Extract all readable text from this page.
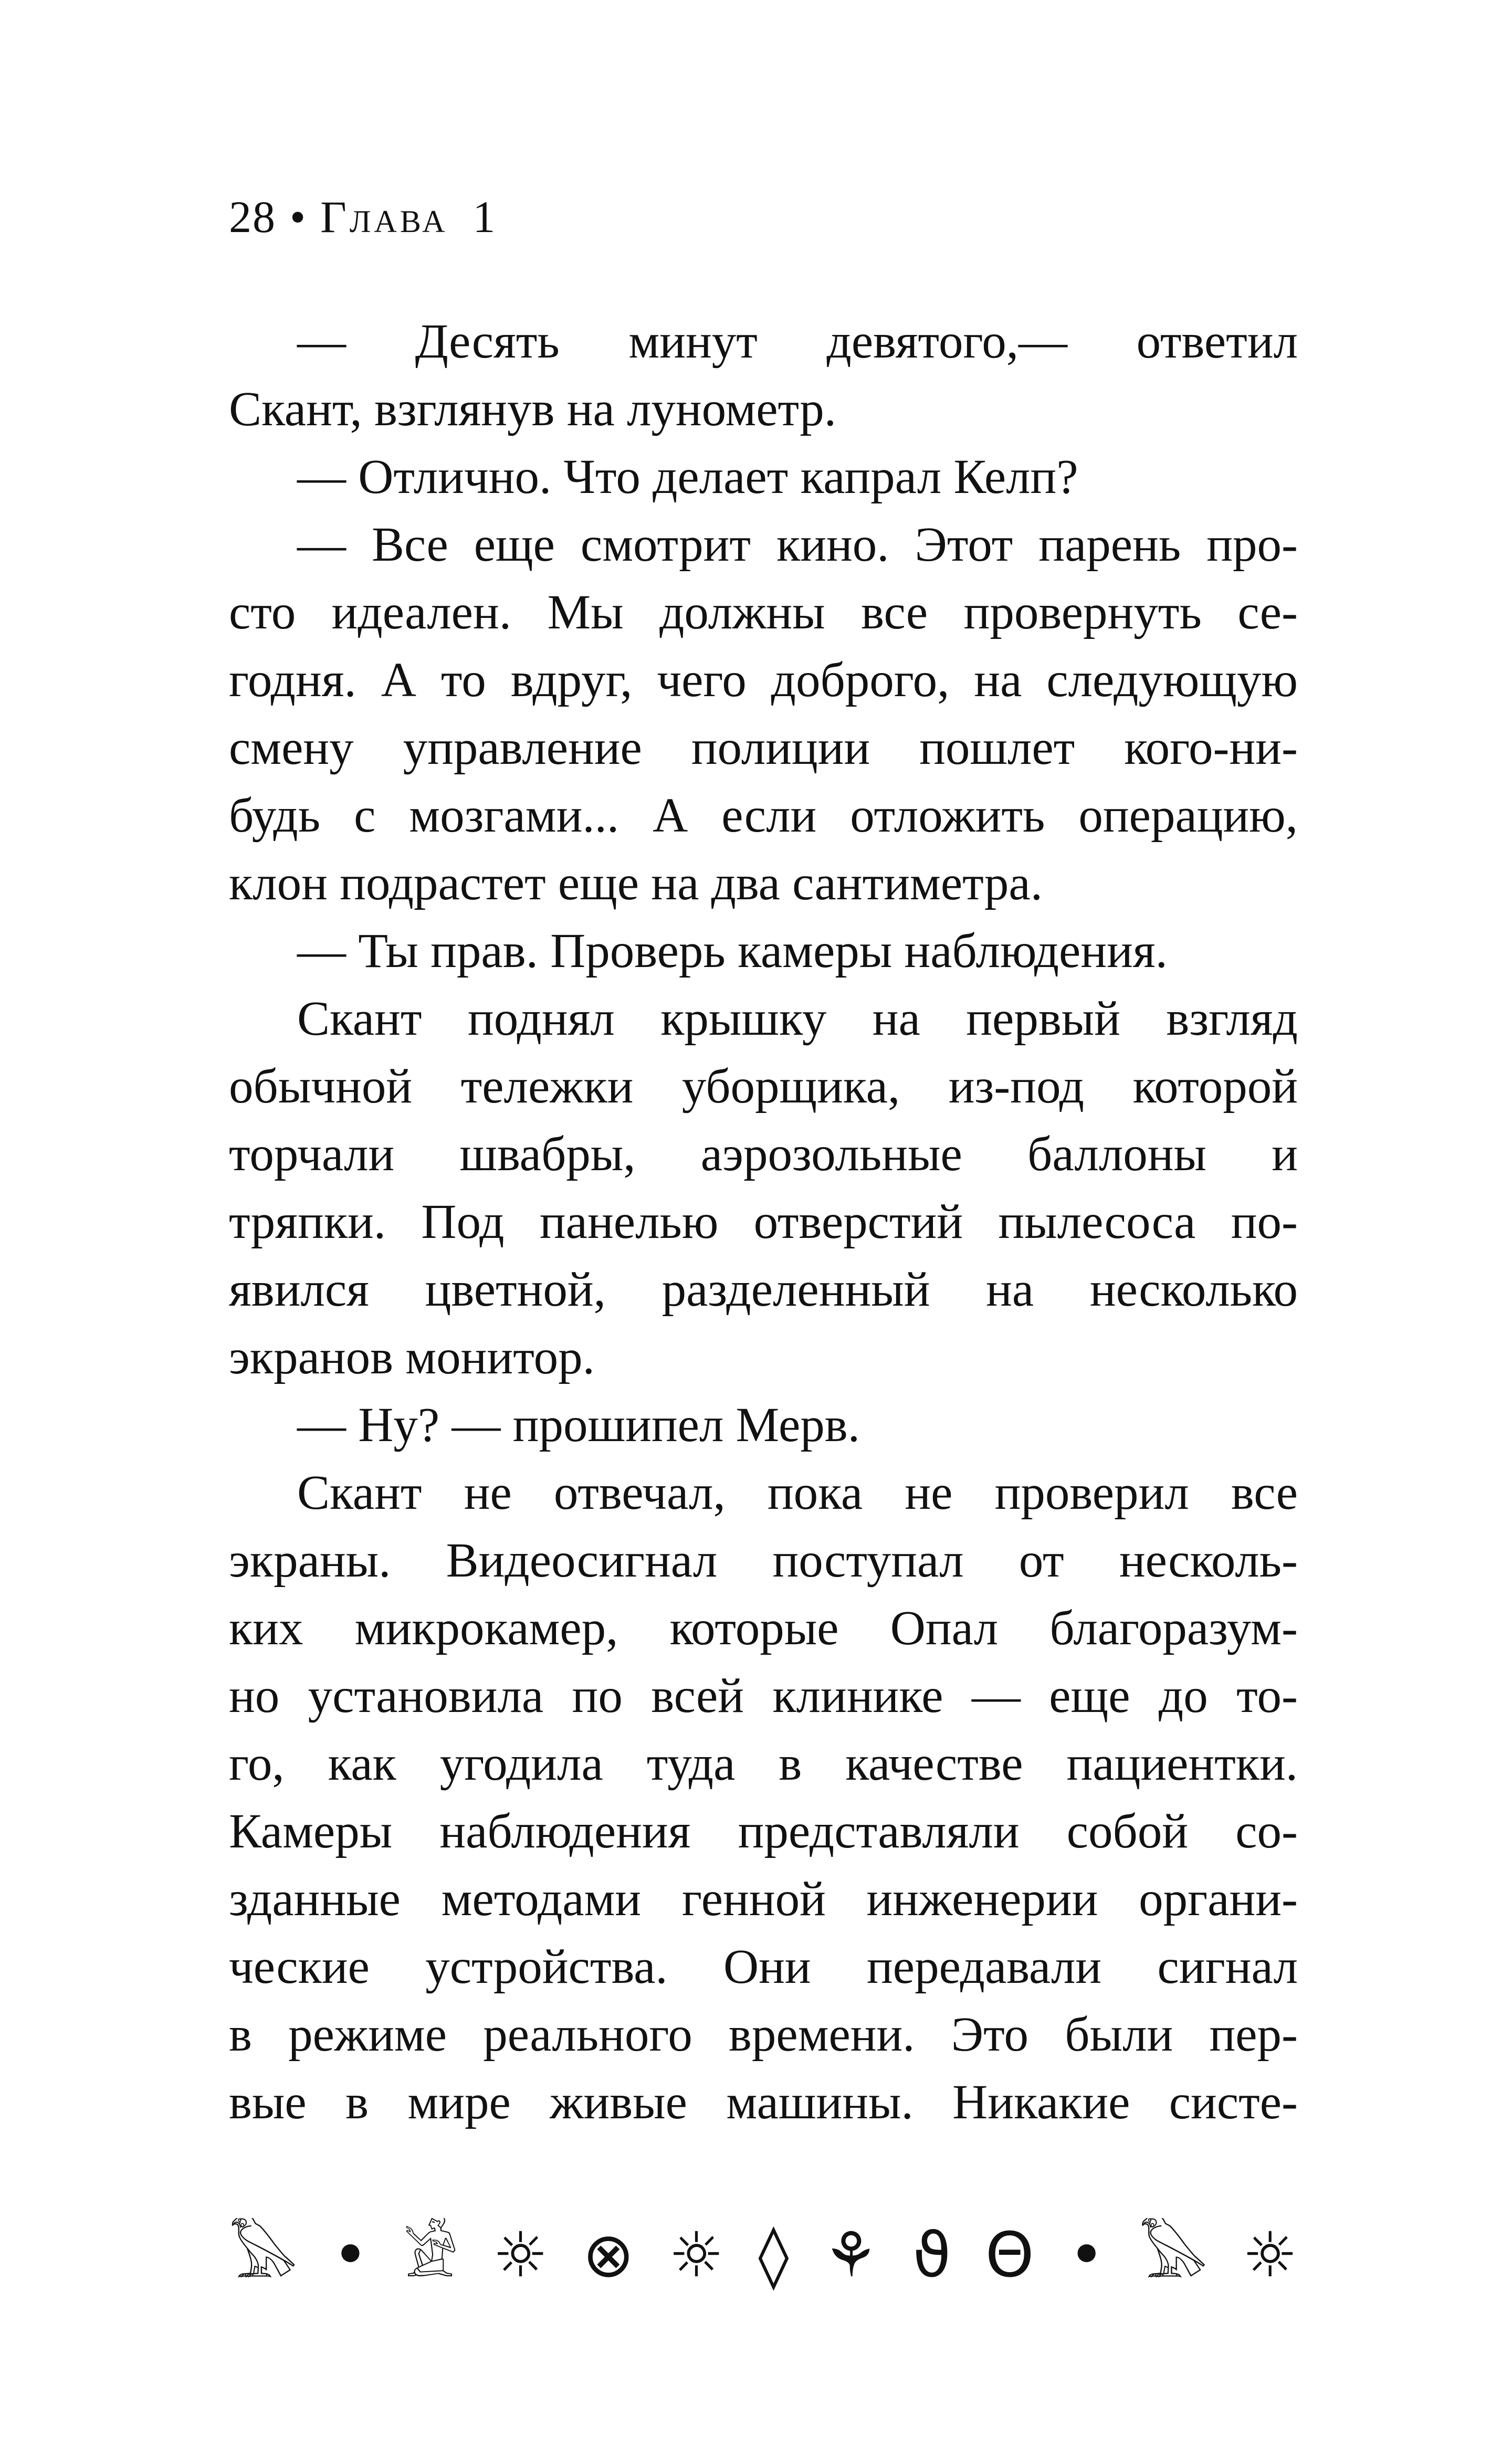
28 • Глава 1
— Десять минут девятого,— ответил
Скант, взглянув на лунометр.
— Отлично. Что делает капрал Келп?
— Все еще смотрит кино. Этот парень про-
сто идеален. Мы должны все провернуть се-
годня. А то вдруг, чего доброго, на следующую
смену управление полиции пошлет кого-ни-
будь с мозгами... А если отложить операцию,
клон подрастет еще на два сантиметра.
— Ты прав. Проверь камеры наблюдения.
Скант поднял крышку на первый взгляд
обычной тележки уборщика, из-под которой
торчали швабры, аэрозольные баллоны и
тряпки. Под панелью отверстий пылесоса по-
явился цветной, разделенный на несколько
экранов монитор.
— Ну? — прошипел Мерв.
Скант не отвечал, пока не проверил все
экраны. Видеосигнал поступал от несколь-
ких микрокамер, которые Опал благоразум-
но установила по всей клинике — еще до то-
го, как угодила туда в качестве пациентки.
Камеры наблюдения представляли собой со-
зданные методами генной инженерии органи-
ческие устройства. Они передавали сигнал
в режиме реального времени. Это были пер-
вые в мире живые машины. Никакие систе-
𓅃 • 𓀀 ☼ ⊗ ☼ ◊ ⚘ ϑ Θ • 𓅃 ☼
